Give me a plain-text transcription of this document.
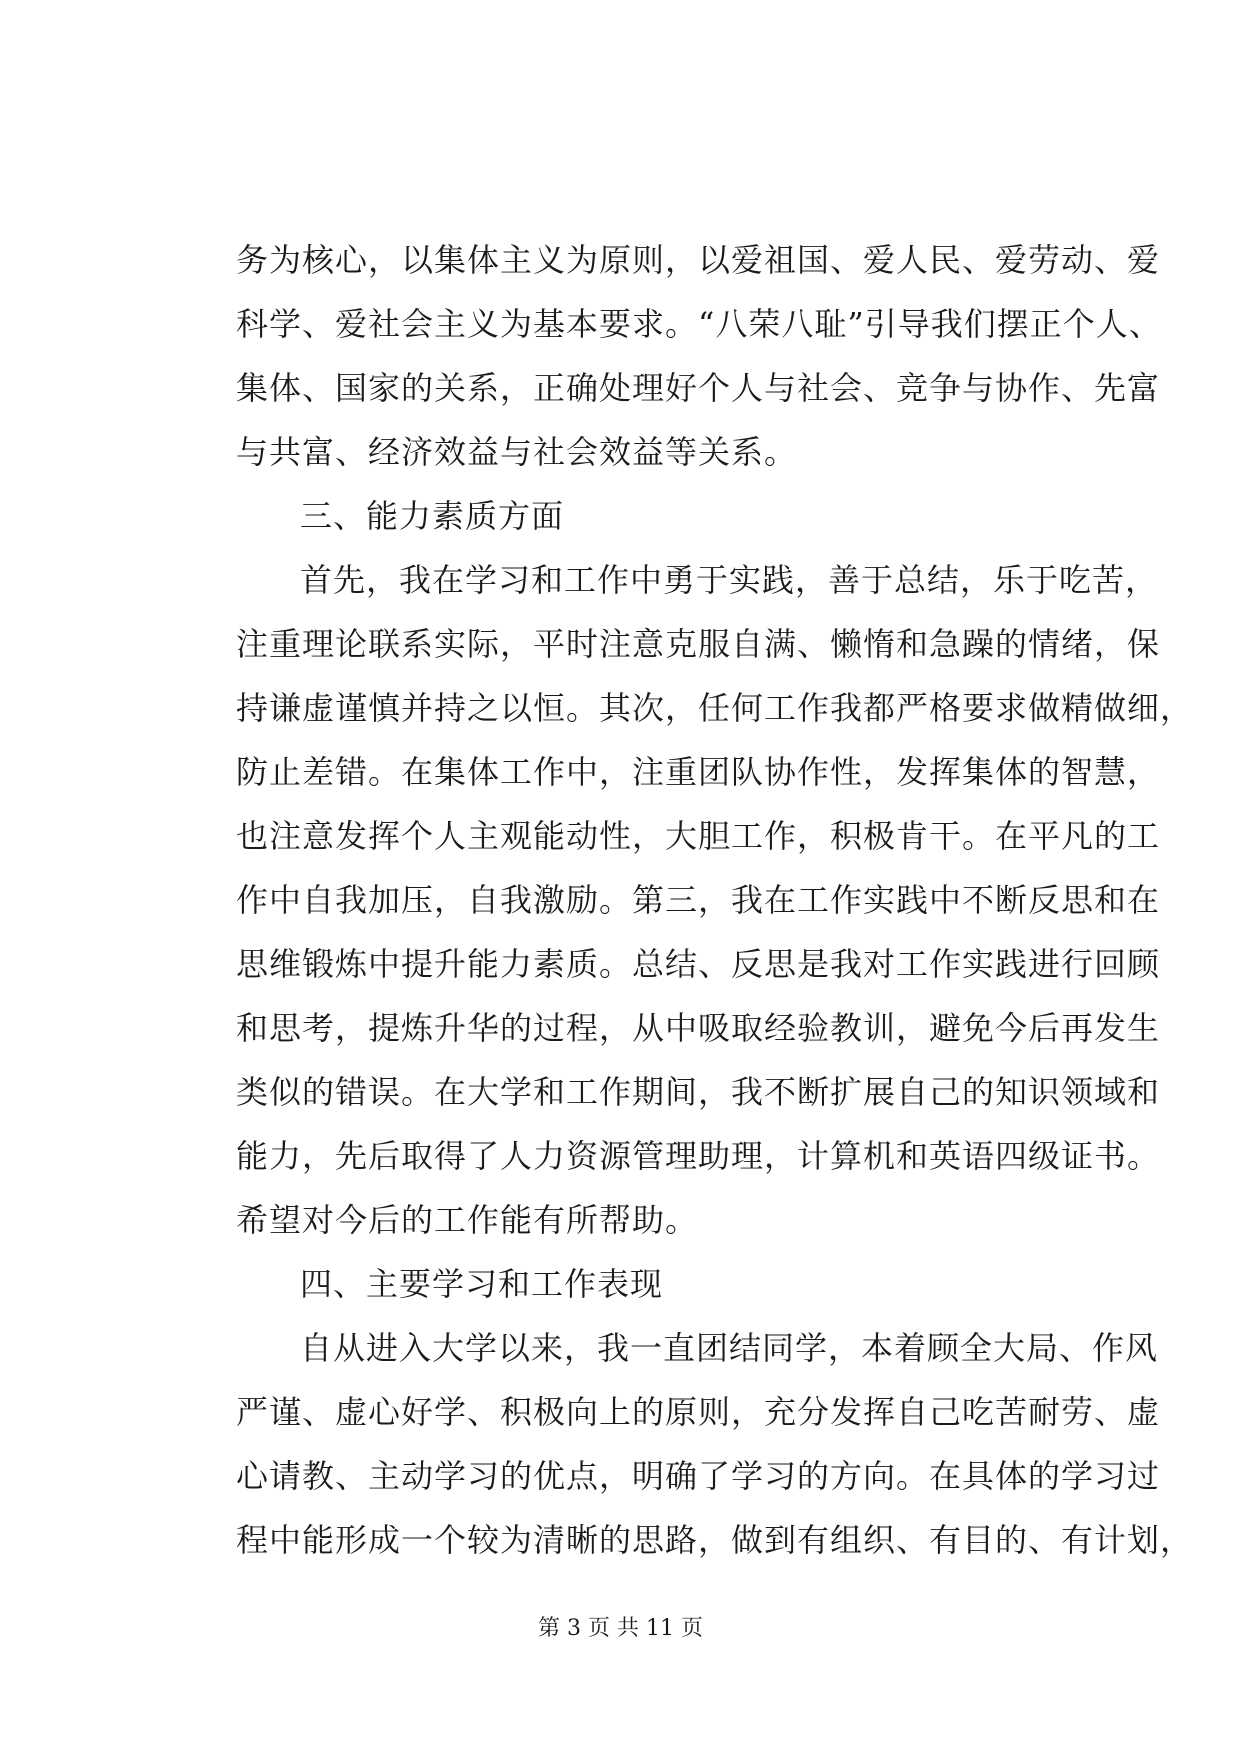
务为核心，以集体主义为原则，以爱祖国、爱人民、爱劳动、爱
科学、爱社会主义为基本要求。“八荣八耻”引导我们摆正个人、
集体、国家的关系，正确处理好个人与社会、竞争与协作、先富
与共富、经济效益与社会效益等关系。
三、能力素质方面
首先，我在学习和工作中勇于实践，善于总结，乐于吃苦，
注重理论联系实际，平时注意克服自满、懒惰和急躁的情绪，保
持谦虚谨慎并持之以恒。其次，任何工作我都严格要求做精做细，
防止差错。在集体工作中，注重团队协作性，发挥集体的智慧，
也注意发挥个人主观能动性，大胆工作，积极肯干。在平凡的工
作中自我加压，自我激励。第三，我在工作实践中不断反思和在
思维锻炼中提升能力素质。总结、反思是我对工作实践进行回顾
和思考，提炼升华的过程，从中吸取经验教训，避免今后再发生
类似的错误。在大学和工作期间，我不断扩展自己的知识领域和
能力，先后取得了人力资源管理助理，计算机和英语四级证书。
希望对今后的工作能有所帮助。
四、主要学习和工作表现
自从进入大学以来，我一直团结同学，本着顾全大局、作风
严谨、虚心好学、积极向上的原则，充分发挥自己吃苦耐劳、虚
心请教、主动学习的优点，明确了学习的方向。在具体的学习过
程中能形成一个较为清晰的思路，做到有组织、有目的、有计划，
第 3 页 共 11 页
